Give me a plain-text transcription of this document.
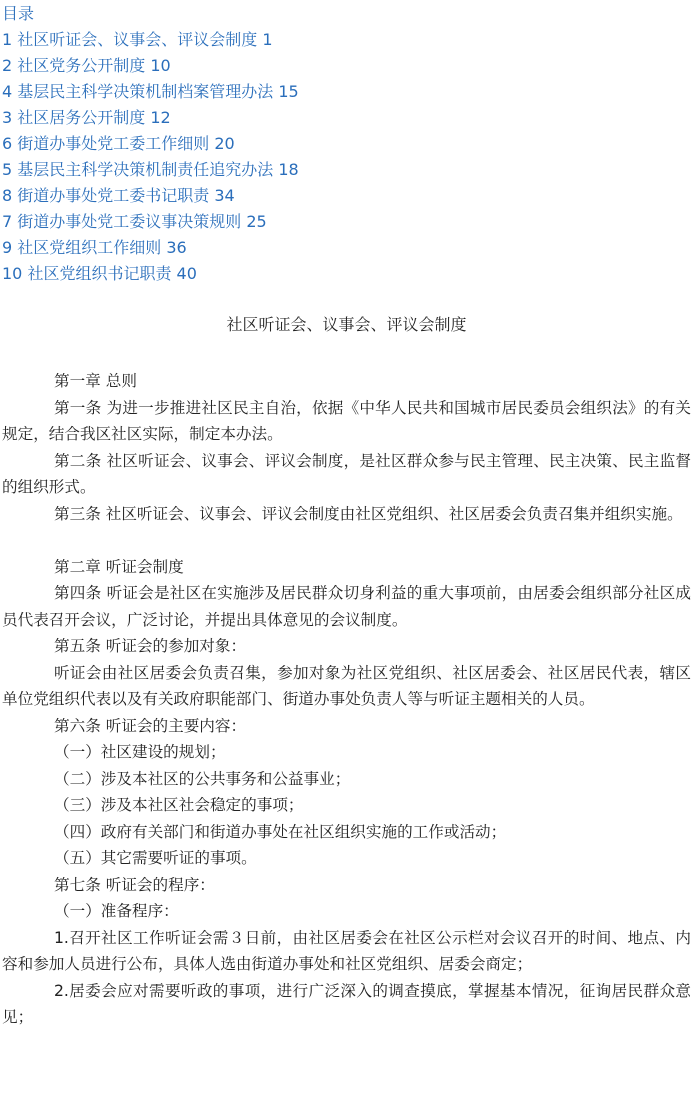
目录
1 社区听证会、议事会、评议会制度 1
2 社区党务公开制度 10
4 基层民主科学决策机制档案管理办法 15
3 社区居务公开制度 12
6 街道办事处党工委工作细则 20
5 基层民主科学决策机制责任追究办法 18
8 街道办事处党工委书记职责 34
7 街道办事处党工委议事决策规则 25
9 社区党组织工作细则 36
10 社区党组织书记职责 40
社区听证会、议事会、评议会制度

第一章 总则

第一条 为进一步推进社区民主自治，依据《中华人民共和国城市居民委员会组织法》的有关规定，结合我区社区实际，制定本办法。

第二条 社区听证会、议事会、评议会制度，是社区群众参与民主管理、民主决策、民主监督的组织形式。

第三条 社区听证会、议事会、评议会制度由社区党组织、社区居委会负责召集并组织实施。

第二章 听证会制度

第四条 听证会是社区在实施涉及居民群众切身利益的重大事项前，由居委会组织部分社区成员代表召开会议，广泛讨论，并提出具体意见的会议制度。

第五条 听证会的参加对象：

听证会由社区居委会负责召集，参加对象为社区党组织、社区居委会、社区居民代表，辖区单位党组织代表以及有关政府职能部门、街道办事处负责人等与听证主题相关的人员。

第六条 听证会的主要内容：

（一）社区建设的规划；

（二）涉及本社区的公共事务和公益事业；

（三）涉及本社区社会稳定的事项；

（四）政府有关部门和街道办事处在社区组织实施的工作或活动；

（五）其它需要听证的事项。

第七条 听证会的程序：

（一）准备程序：

1.召开社区工作听证会需３日前，由社区居委会在社区公示栏对会议召开的时间、地点、内容和参加人员进行公布，具体人选由街道办事处和社区党组织、居委会商定；

2.居委会应对需要听政的事项，进行广泛深入的调查摸底，掌握基本情况，征询居民群众意见；
